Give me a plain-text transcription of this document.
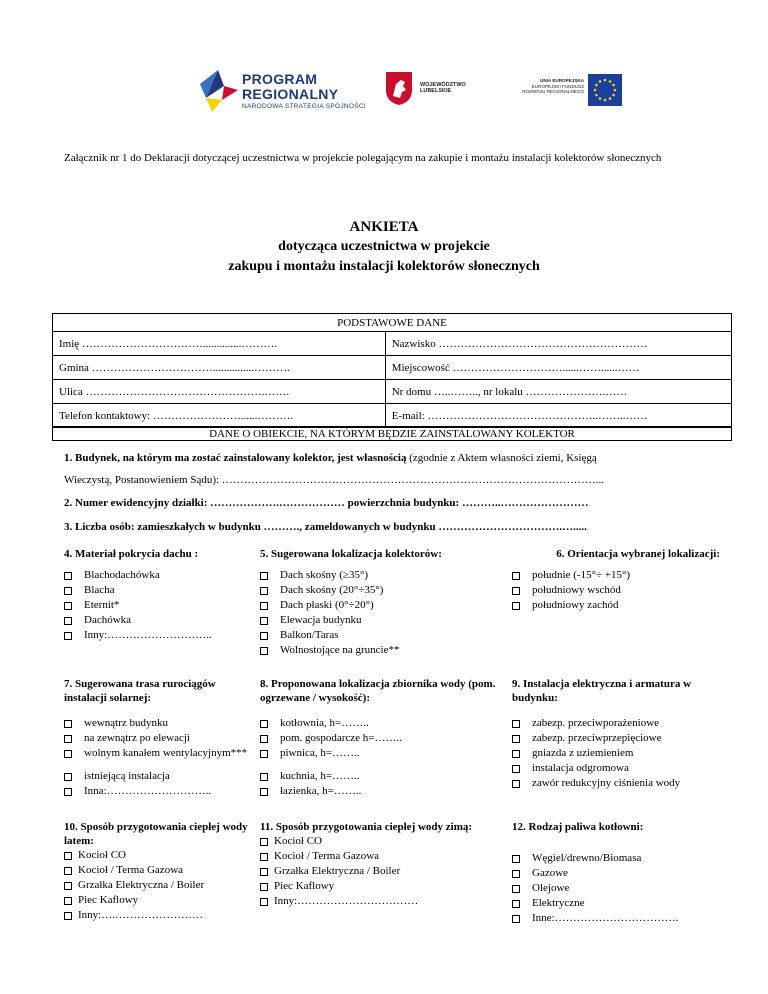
PROGRAM
REGIONALNY
NARODOWA STRATEGIA SPÓJNOŚCI
WOJEWÓDZTWO
LUBELSKIE
UNIA EUROPEJSKA
EUROPEJSKI FUNDUSZ
ROZWOJU REGIONALNEGO
Załącznik nr 1 do Deklaracji dotyczącej uczestnictwa w projekcie polegającym na zakupie i montażu instalacji kolektorów słonecznych
ANKIETA
dotycząca uczestnictwa w projekcie
zakupu i montażu instalacji kolektorów słonecznych
PODSTAWOWE DANE	
Imię ……………………………..............……….	Nazwisko …………………………………………………
Gmina ……………………………...............……….	Miejscowość …………………………......……......……
Ulica ………………………………………….…….	Nr domu …..…….., nr lokalu ………………….……
Telefon kontaktowy: ……………………......……….	E-mail: ………………………………………..……..……
DANE O OBIEKCIE, NA KTÓRYM BĘDZIE ZAINSTALOWANY KOLEKTOR
1. Budynek, na którym ma zostać zainstalowany kolektor, jest własnością (zgodnie z Aktem własności ziemi, Księgą
Wieczystą, Postanowieniem Sądu): …………………………………………………………………………………………...
2. Numer ewidencyjny działki: ……………….……………… powierzchnia budynku: ………..……………………
3. Liczba osób: zamieszkałych w budynku ………., zameldowanych w budynku …………………………….….....
4. Materiał pokrycia dachu :
Blachodachówka
Blacha
Eternit*
Dachówka
Inny:………………………..
5. Sugerowana lokalizacja kolektorów:
Dach skośny (≥35°)
Dach skośny (20°÷35°)
Dach płaski (0°÷20°)
Elewacja budynku
Balkon/Taras
Wolnostojące na gruncie**
6. Orientacja wybranej lokalizacji:
południe (-15°÷ +15°)
południowy wschód
południowy zachód
7. Sugerowana trasa rurociągów instalacji solarnej:
wewnątrz budynku
na zewnątrz po elewacji
wolnym kanałem wentylacyjnym***
istniejącą instalacja
Inna:………………………..
8. Proponowana lokalizacja zbiornika wody (pom. ogrzewane / wysokość):
kotłownia, h=……..
pom. gospodarcze h=……..
piwnica, h=……..
kuchnia, h=……..
łazienka, h=……..
9. Instalacja elektryczna i armatura w budynku:
zabezp. przeciwporażeniowe
zabezp. przeciwprzepięciowe
gniazda z uziemieniem
instalacja odgromowa
zawór redukcyjny ciśnienia wody
10. Sposób przygotowania ciepłej wody latem:
Kocioł CO
Kocioł / Terma Gazowa
Grzałka Elektryczna / Boiler
Piec Kaflowy
Inny:….……………………
11. Sposób przygotowania ciepłej wody zimą:
Kocioł CO
Kocioł / Terma Gazowa
Grzałka Elektryczna / Boiler
Piec Kaflowy
Inny:……………………………
12. Rodzaj paliwa kotłowni:
Węgiel/drewno/Biomasa
Gazowe
Olejowe
Elektryczne
Inne:…………………………….
